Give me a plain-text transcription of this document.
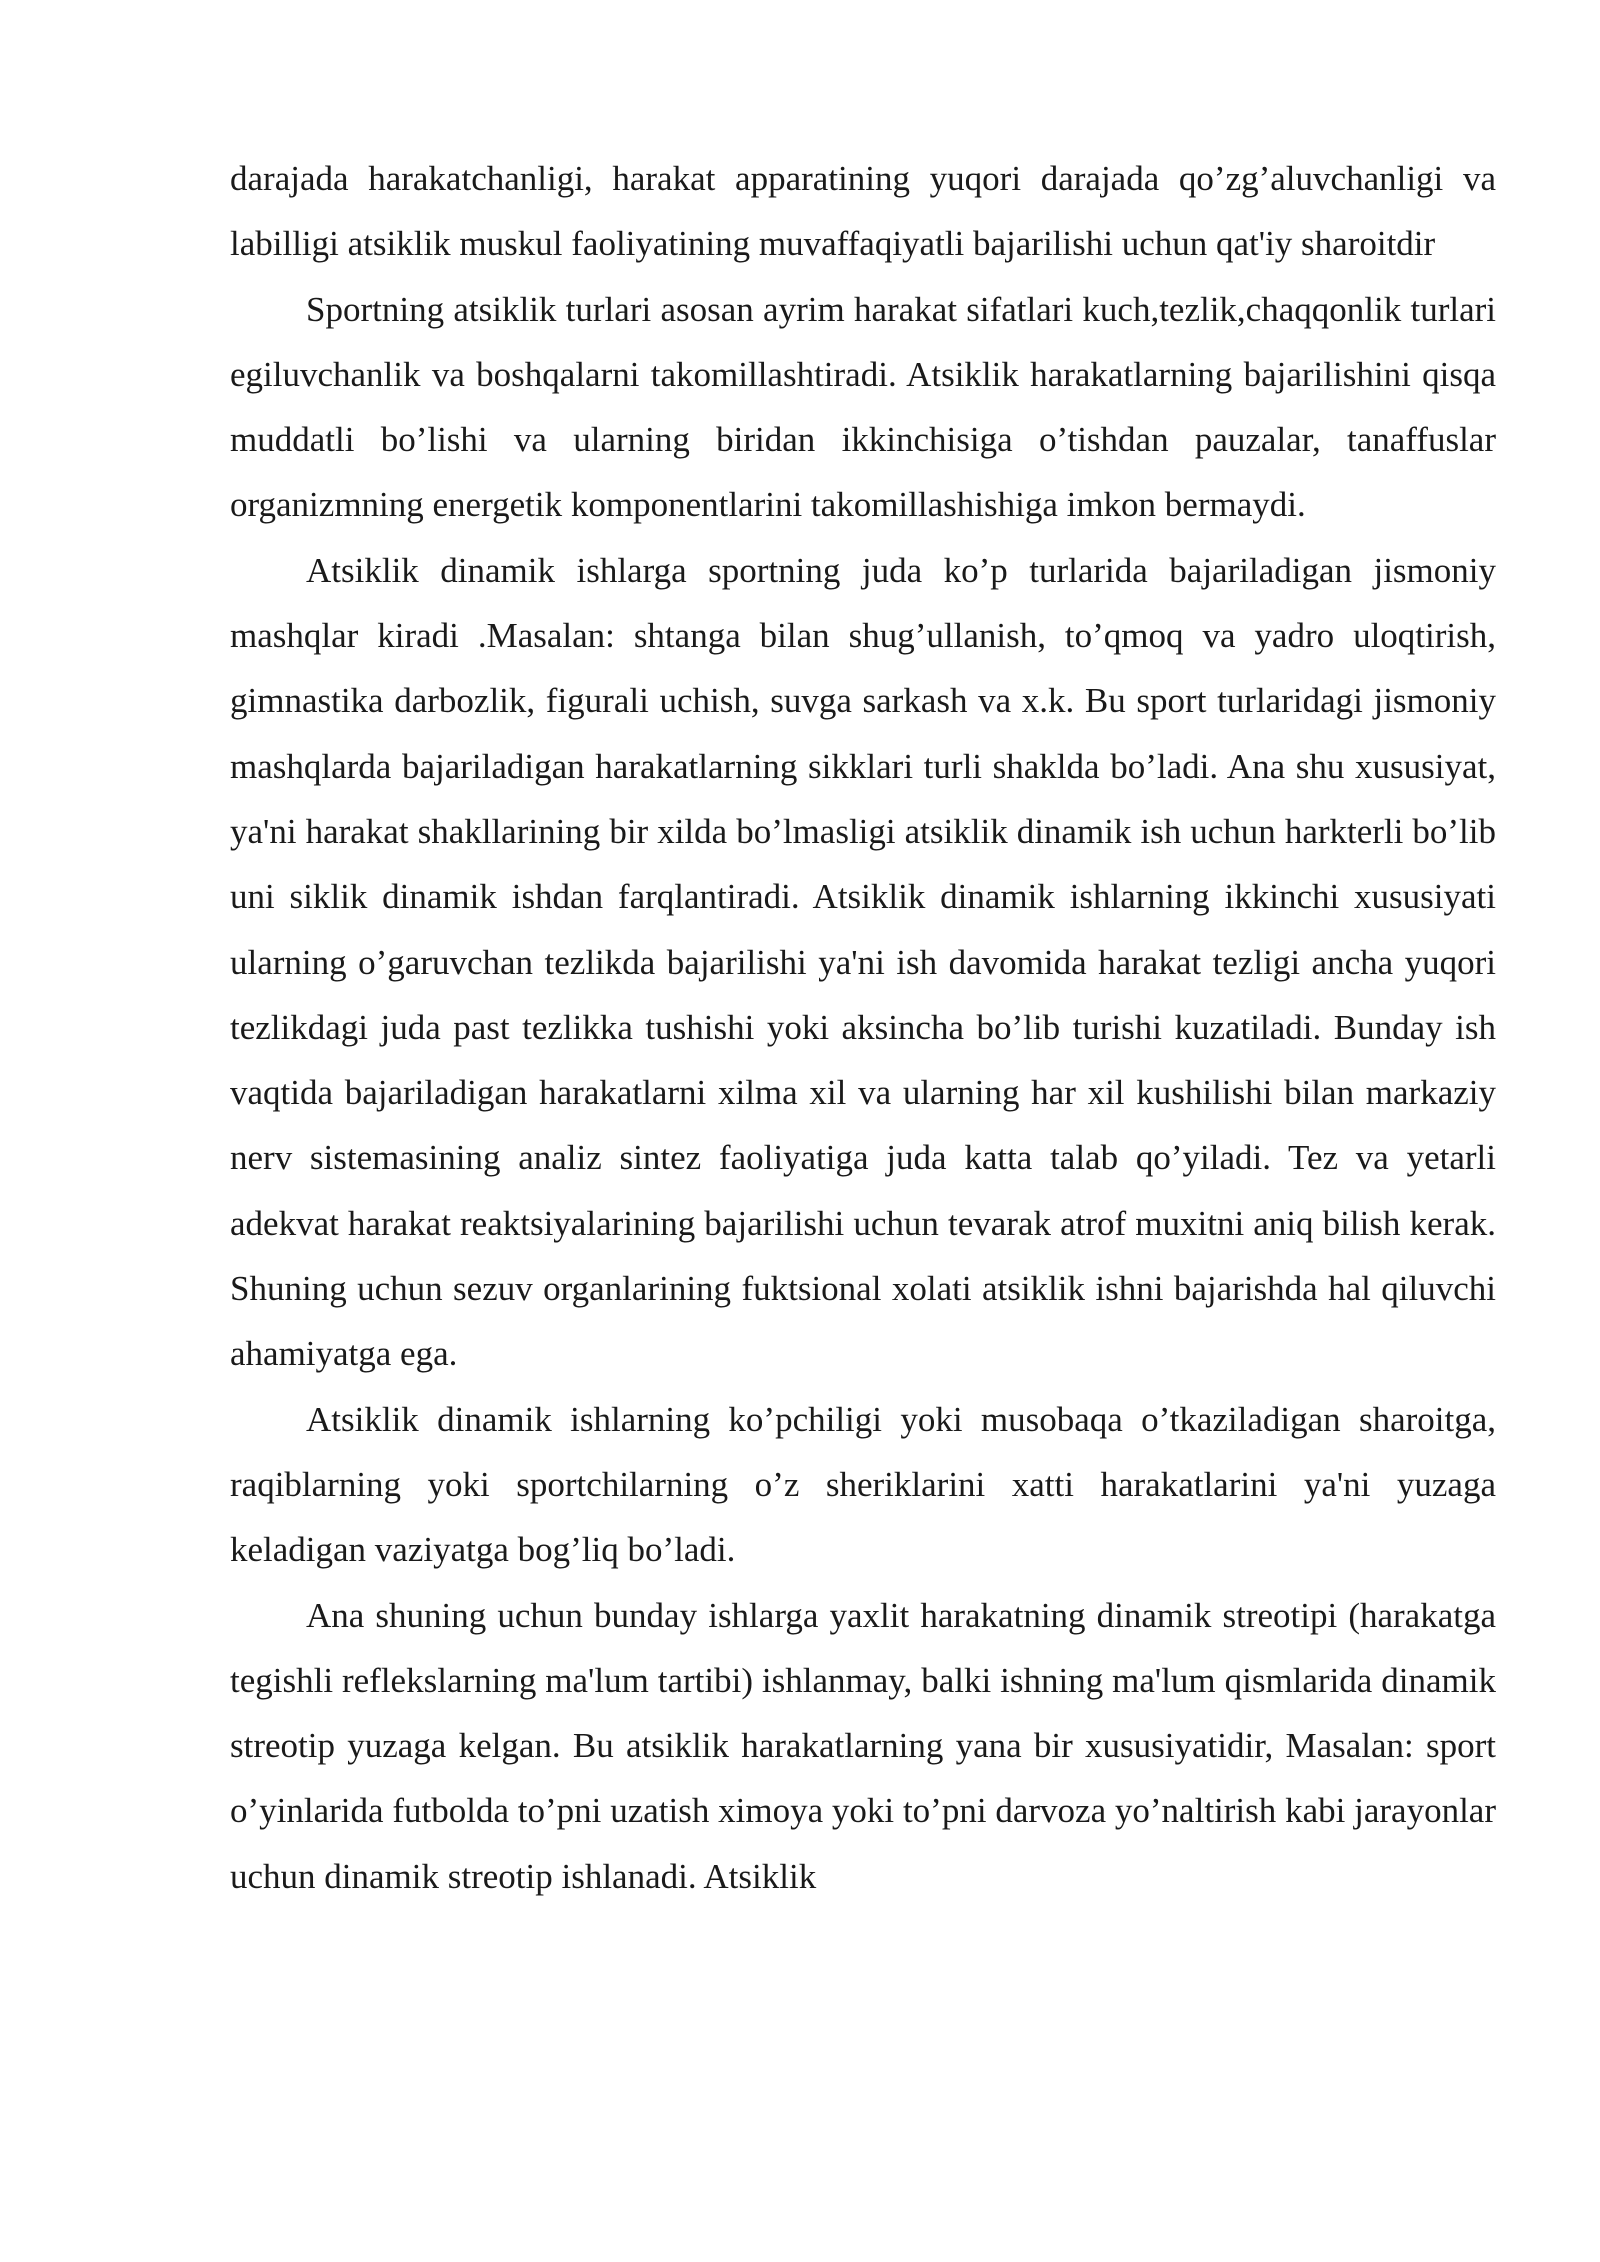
darajada harakatchanligi, harakat apparatining yuqori darajada qo’zg’aluvchanligi va labilligi atsiklik muskul faoliyatining muvaffaqiyatli bajarilishi uchun qat'iy sharoitdir

Sportning atsiklik turlari asosan ayrim harakat sifatlari kuch,tezlik,chaqqonlik turlari egiluvchanlik va boshqalarni takomillashtiradi. Atsiklik harakatlarning bajarilishini qisqa muddatli bo’lishi va ularning biridan ikkinchisiga o’tishdan pauzalar, tanaffuslar organizmning energetik komponentlarini takomillashishiga imkon bermaydi.

Atsiklik dinamik ishlarga sportning juda ko’p turlarida bajariladigan jismoniy mashqlar kiradi .Masalan: shtanga bilan shug’ullanish, to’qmoq va yadro uloqtirish, gimnastika darbozlik, figurali uchish, suvga sarkash va x.k. Bu sport turlaridagi jismoniy mashqlarda bajariladigan harakatlarning sikklari turli shaklda bo’ladi. Ana shu xususiyat, ya'ni harakat shakllarining bir xilda bo’lmasligi atsiklik dinamik ish uchun harkterli bo’lib uni siklik dinamik ishdan farqlantiradi. Atsiklik dinamik ishlarning ikkinchi xususiyati ularning o’garuvchan tezlikda bajarilishi ya'ni ish davomida harakat tezligi ancha yuqori tezlikdagi juda past tezlikka tushishi yoki aksincha bo’lib turishi kuzatiladi. Bunday ish vaqtida bajariladigan harakatlarni xilma xil va ularning har xil kushilishi bilan markaziy nerv sistemasining analiz sintez faoliyatiga juda katta talab qo’yiladi. Tez va yetarli adekvat harakat reaktsiyalarining bajarilishi uchun tevarak atrof muxitni aniq bilish kerak. Shuning uchun sezuv organlarining fuktsional xolati atsiklik ishni bajarishda hal qiluvchi ahamiyatga ega.

Atsiklik dinamik ishlarning ko’pchiligi yoki musobaqa o’tkaziladigan sharoitga, raqiblarning yoki sportchilarning o’z sheriklarini xatti harakatlarini ya'ni yuzaga keladigan vaziyatga bog’liq bo’ladi.

Ana shuning uchun bunday ishlarga yaxlit harakatning dinamik streotipi (harakatga tegishli reflekslarning ma'lum tartibi) ishlanmay, balki ishning ma'lum qismlarida dinamik streotip yuzaga kelgan. Bu atsiklik harakatlarning yana bir xususiyatidir, Masalan: sport o’yinlarida futbolda to’pni uzatish ximoya yoki to’pni darvoza yo’naltirish kabi jarayonlar uchun dinamik streotip ishlanadi. Atsiklik
